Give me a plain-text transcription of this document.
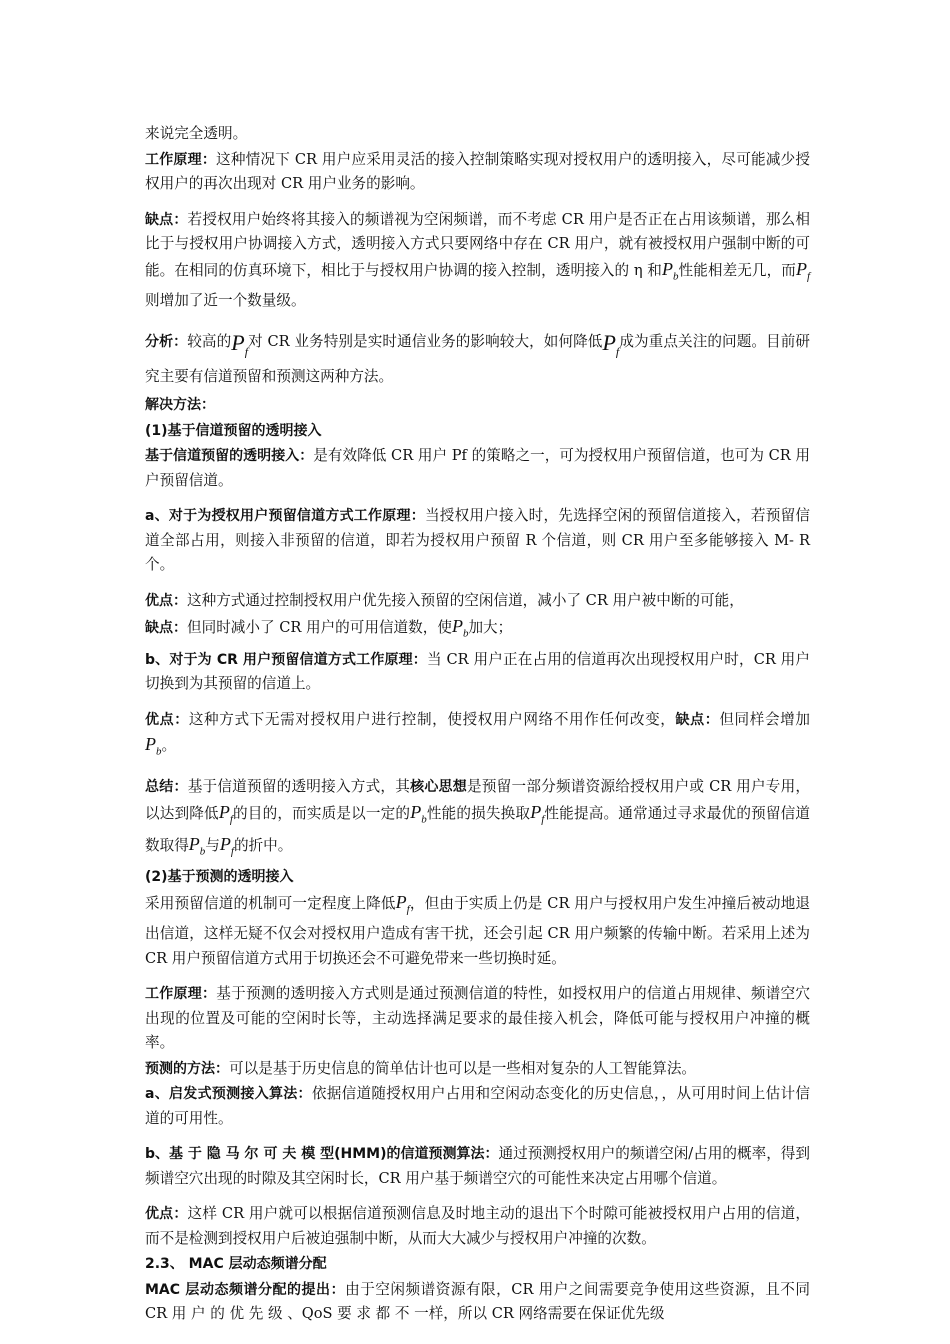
来说完全透明。

工作原理：这种情况下 CR 用户应采用灵活的接入控制策略实现对授权用户的透明接入，尽可能减少授权用户的再次出现对 CR 用户业务的影响。

缺点：若授权用户始终将其接入的频谱视为空闲频谱，而不考虑 CR 用户是否正在占用该频谱，那么相比于与授权用户协调接入方式，透明接入方式只要网络中存在 CR 用户，就有被授权用户强制中断的可能。在相同的仿真环境下，相比于与授权用户协调的接入控制，透明接入的 η 和$P_b$性能相差无几，而$P_f$则增加了近一个数量级。

分析：较高的$P_f$对 CR 业务特别是实时通信业务的影响较大，如何降低$P_f$成为重点关注的问题。目前研究主要有信道预留和预测这两种方法。

解决方法：

(1)基于信道预留的透明接入

基于信道预留的透明接入：是有效降低 CR 用户 Pf 的策略之一，可为授权用户预留信道，也可为 CR 用户预留信道。

a、对于为授权用户预留信道方式工作原理：当授权用户接入时，先选择空闲的预留信道接入，若预留信道全部占用，则接入非预留的信道，即若为授权用户预留 R 个信道，则 CR 用户至多能够接入 M- R 个。

优点：这种方式通过控制授权用户优先接入预留的空闲信道，减小了 CR 用户被中断的可能，

缺点：但同时减小了 CR 用户的可用信道数，使$P_b$加大；

b、对于为 CR 用户预留信道方式工作原理：当 CR 用户正在占用的信道再次出现授权用户时，CR 用户切换到为其预留的信道上。

优点：这种方式下无需对授权用户进行控制，使授权用户网络不用作任何改变，缺点：但同样会增加$P_b$。

总结：基于信道预留的透明接入方式，其核心思想是预留一部分频谱资源给授权用户或 CR 用户专用，以达到降低$P_f$的目的，而实质是以一定的$P_b$性能的损失换取$P_f$性能提高。通常通过寻求最优的预留信道数取得$P_b$与$P_f$的折中。

(2)基于预测的透明接入

采用预留信道的机制可一定程度上降低$P_f$，但由于实质上仍是 CR 用户与授权用户发生冲撞后被动地退出信道，这样无疑不仅会对授权用户造成有害干扰，还会引起 CR 用户频繁的传输中断。若采用上述为 CR 用户预留信道方式用于切换还会不可避免带来一些切换时延。

工作原理：基于预测的透明接入方式则是通过预测信道的特性，如授权用户的信道占用规律、频谱空穴出现的位置及可能的空闲时长等，主动选择满足要求的最佳接入机会，降低可能与授权用户冲撞的概率。

预测的方法：可以是基于历史信息的简单估计也可以是一些相对复杂的人工智能算法。

a、启发式预测接入算法：依据信道随授权用户占用和空闲动态变化的历史信息，，从可用时间上估计信道的可用性。

b、基 于 隐 马 尔 可 夫 模 型(HMM)的信道预测算法：通过预测授权用户的频谱空闲/占用的概率，得到频谱空穴出现的时隙及其空闲时长，CR 用户基于频谱空穴的可能性来决定占用哪个信道。

优点：这样 CR 用户就可以根据信道预测信息及时地主动的退出下个时隙可能被授权用户占用的信道，而不是检测到授权用户后被迫强制中断，从而大大减少与授权用户冲撞的次数。

2.3、 MAC 层动态频谱分配

MAC 层动态频谱分配的提出：由于空闲频谱资源有限，CR 用户之间需要竞争使用这些资源，且不同 CR 用 户 的 优 先 级 、QoS 要 求 都 不 一样，所以 CR 网络需要在保证优先级
